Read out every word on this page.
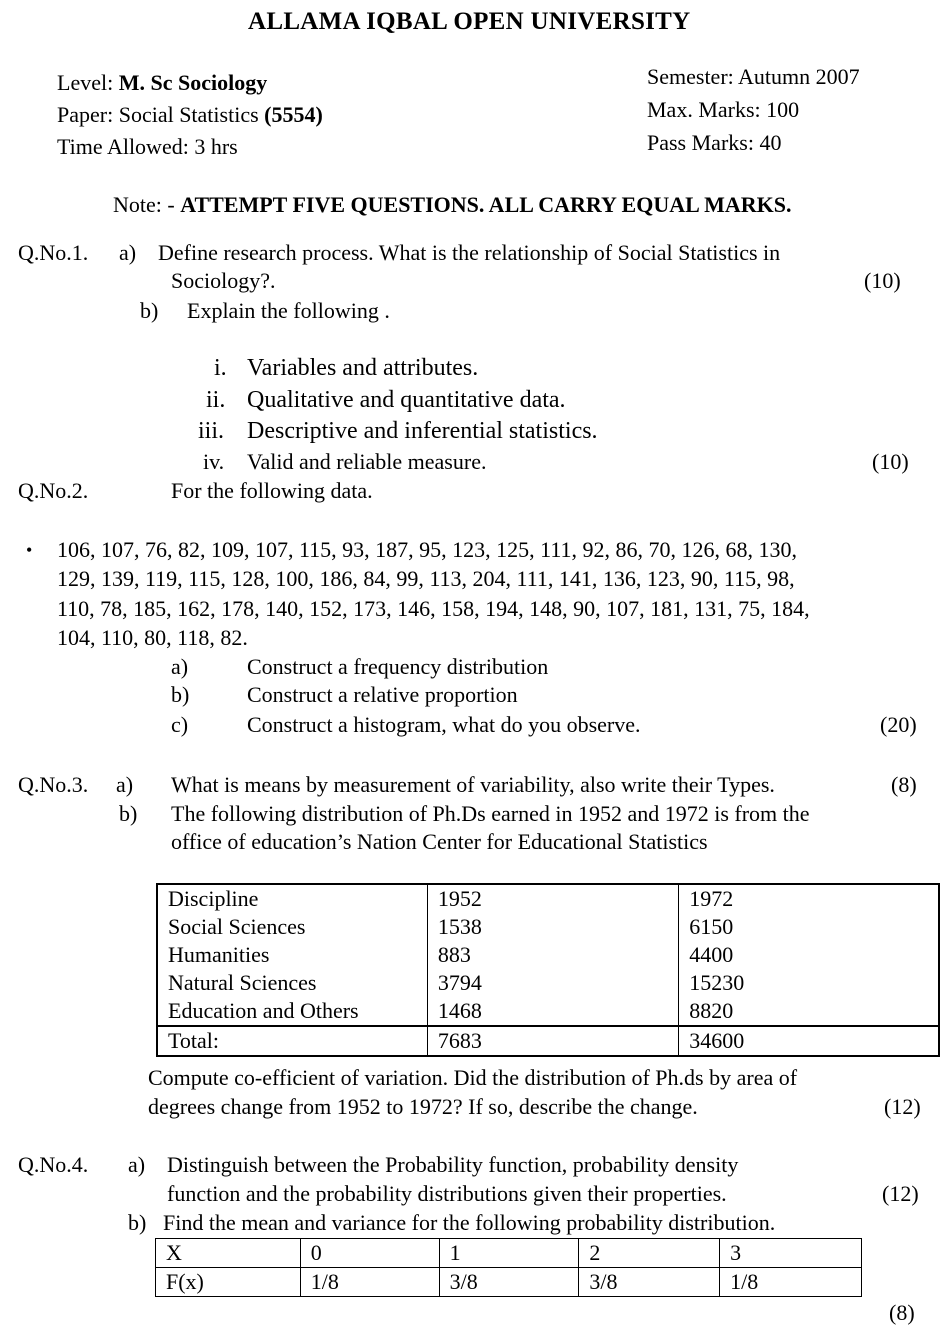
ALLAMA IQBAL OPEN UNIVERSITY
Level: M. Sc Sociology
Paper: Social Statistics (5554)
Time Allowed: 3 hrs
Semester: Autumn 2007
Max. Marks: 100
Pass Marks: 40
Note: - ATTEMPT FIVE QUESTIONS. ALL CARRY EQUAL MARKS.
Q.No.1. a) Define research process. What is the relationship of Social Statistics in
Sociology?.	(10)
b) Explain the following .
i. Variables and attributes.
ii. Qualitative and quantitative data.
iii. Descriptive and inferential statistics.
iv. Valid and reliable measure.	(10)
Q.No.2.	For the following data.
• 106, 107, 76, 82, 109, 107, 115, 93, 187, 95, 123, 125, 111, 92, 86, 70, 126, 68, 130,
129, 139, 119, 115, 128, 100, 186, 84, 99, 113, 204, 111, 141, 136, 123, 90, 115, 98,
110, 78, 185, 162, 178, 140, 152, 173, 146, 158, 194, 148, 90, 107, 181, 131, 75, 184,
104, 110, 80, 118, 82.
a)	Construct a frequency distribution
b)	Construct a relative proportion
c)	Construct a histogram, what do you observe.	(20)
Q.No.3. a) What is means by measurement of variability, also write their Types.	(8)
b) The following distribution of Ph.Ds earned in 1952 and 1972 is from the
office of education’s Nation Center for Educational Statistics
Discipline	1952	1972
Social Sciences	1538	6150
Humanities	883	4400
Natural Sciences	3794	15230
Education and Others	1468	8820
Total:	7683	34600
Compute co-efficient of variation. Did the distribution of Ph.ds by area of
degrees change from 1952 to 1972? If so, describe the change.	(12)
Q.No.4. a) Distinguish between the Probability function, probability density
function and the probability distributions given their properties.	(12)
b) Find the mean and variance for the following probability distribution.
X	0	1	2	3
F(x)	1/8	3/8	3/8	1/8
(8)
